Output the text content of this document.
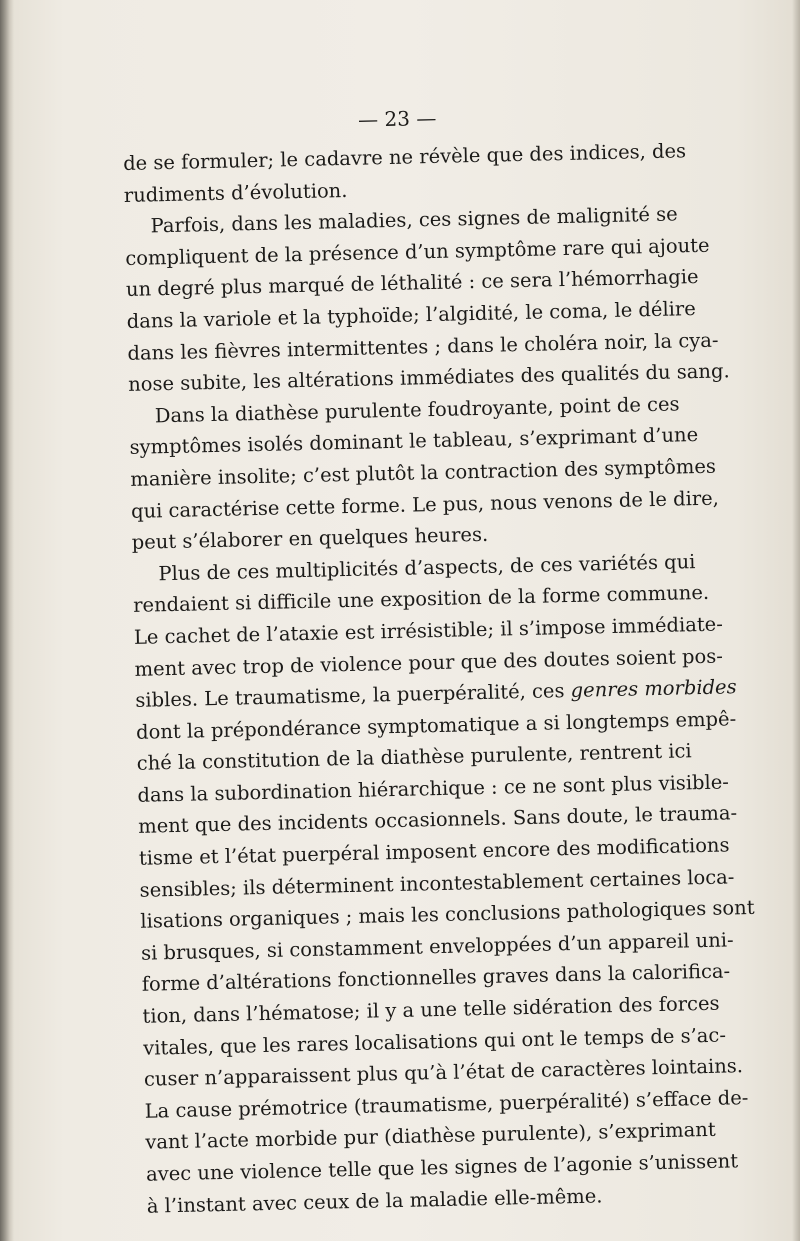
— 23 —
de se formuler; le cadavre ne révèle que des indices, des
rudiments d’évolution.
Parfois, dans les maladies, ces signes de malignité se
compliquent de la présence d’un symptôme rare qui ajoute
un degré plus marqué de léthalité : ce sera l’hémorrhagie
dans la variole et la typhoïde; l’algidité, le coma, le délire
dans les fièvres intermittentes ; dans le choléra noir, la cya-
nose subite, les altérations immédiates des qualités du sang.
Dans la diathèse purulente foudroyante, point de ces
symptômes isolés dominant le tableau, s’exprimant d’une
manière insolite; c’est plutôt la contraction des symptômes
qui caractérise cette forme. Le pus, nous venons de le dire,
peut s’élaborer en quelques heures.
Plus de ces multiplicités d’aspects, de ces variétés qui
rendaient si difficile une exposition de la forme commune.
Le cachet de l’ataxie est irrésistible; il s’impose immédiate-
ment avec trop de violence pour que des doutes soient pos-
sibles. Le traumatisme, la puerpéralité, ces genres morbides
dont la prépondérance symptomatique a si longtemps empê-
ché la constitution de la diathèse purulente, rentrent ici
dans la subordination hiérarchique : ce ne sont plus visible-
ment que des incidents occasionnels. Sans doute, le trauma-
tisme et l’état puerpéral imposent encore des modifications
sensibles; ils déterminent incontestablement certaines loca-
lisations organiques ; mais les conclusions pathologiques sont
si brusques, si constamment enveloppées d’un appareil uni-
forme d’altérations fonctionnelles graves dans la calorifica-
tion, dans l’hématose; il y a une telle sidération des forces
vitales, que les rares localisations qui ont le temps de s’ac-
cuser n’apparaissent plus qu’à l’état de caractères lointains.
La cause prémotrice (traumatisme, puerpéralité) s’efface de-
vant l’acte morbide pur (diathèse purulente), s’exprimant
avec une violence telle que les signes de l’agonie s’unissent
à l’instant avec ceux de la maladie elle-même.
